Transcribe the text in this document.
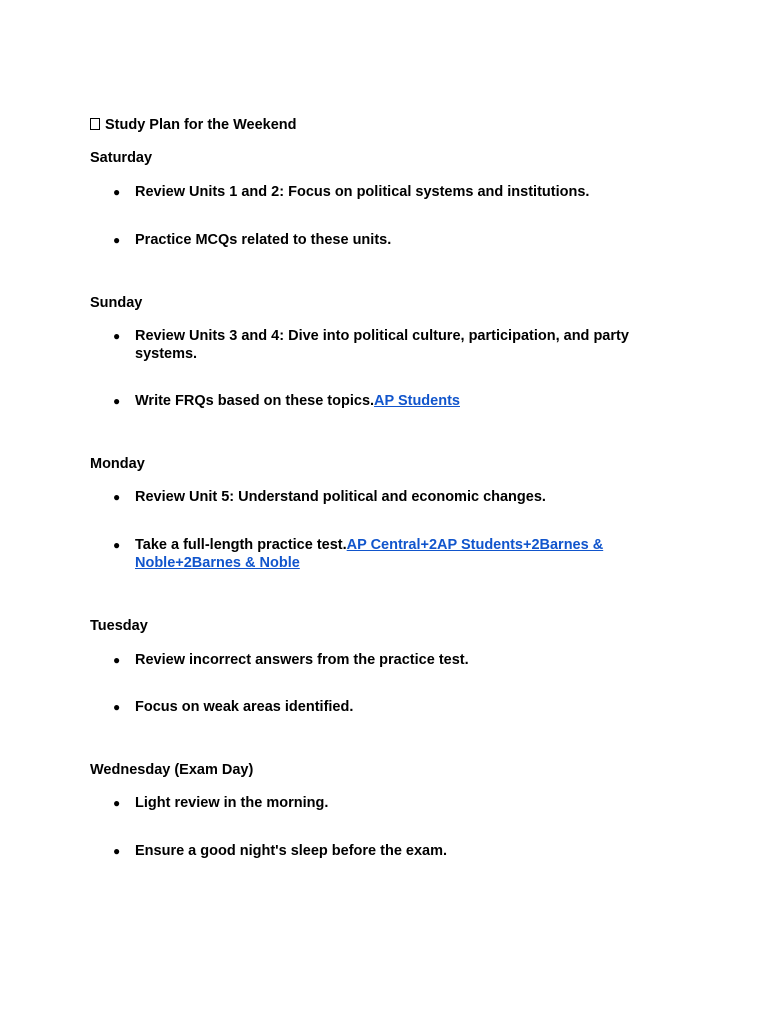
Study Plan for the Weekend
Saturday
●	Review Units 1 and 2: Focus on political systems and institutions.
●	Practice MCQs related to these units.
Sunday
●	Review Units 3 and 4: Dive into political culture, participation, and party systems.
●	Write FRQs based on these topics.AP Students
Monday
●	Review Unit 5: Understand political and economic changes.
●	Take a full-length practice test.AP Central+2AP Students+2Barnes & Noble+2Barnes & Noble
Tuesday
●	Review incorrect answers from the practice test.
●	Focus on weak areas identified.
Wednesday (Exam Day)
●	Light review in the morning.
●	Ensure a good night's sleep before the exam.
